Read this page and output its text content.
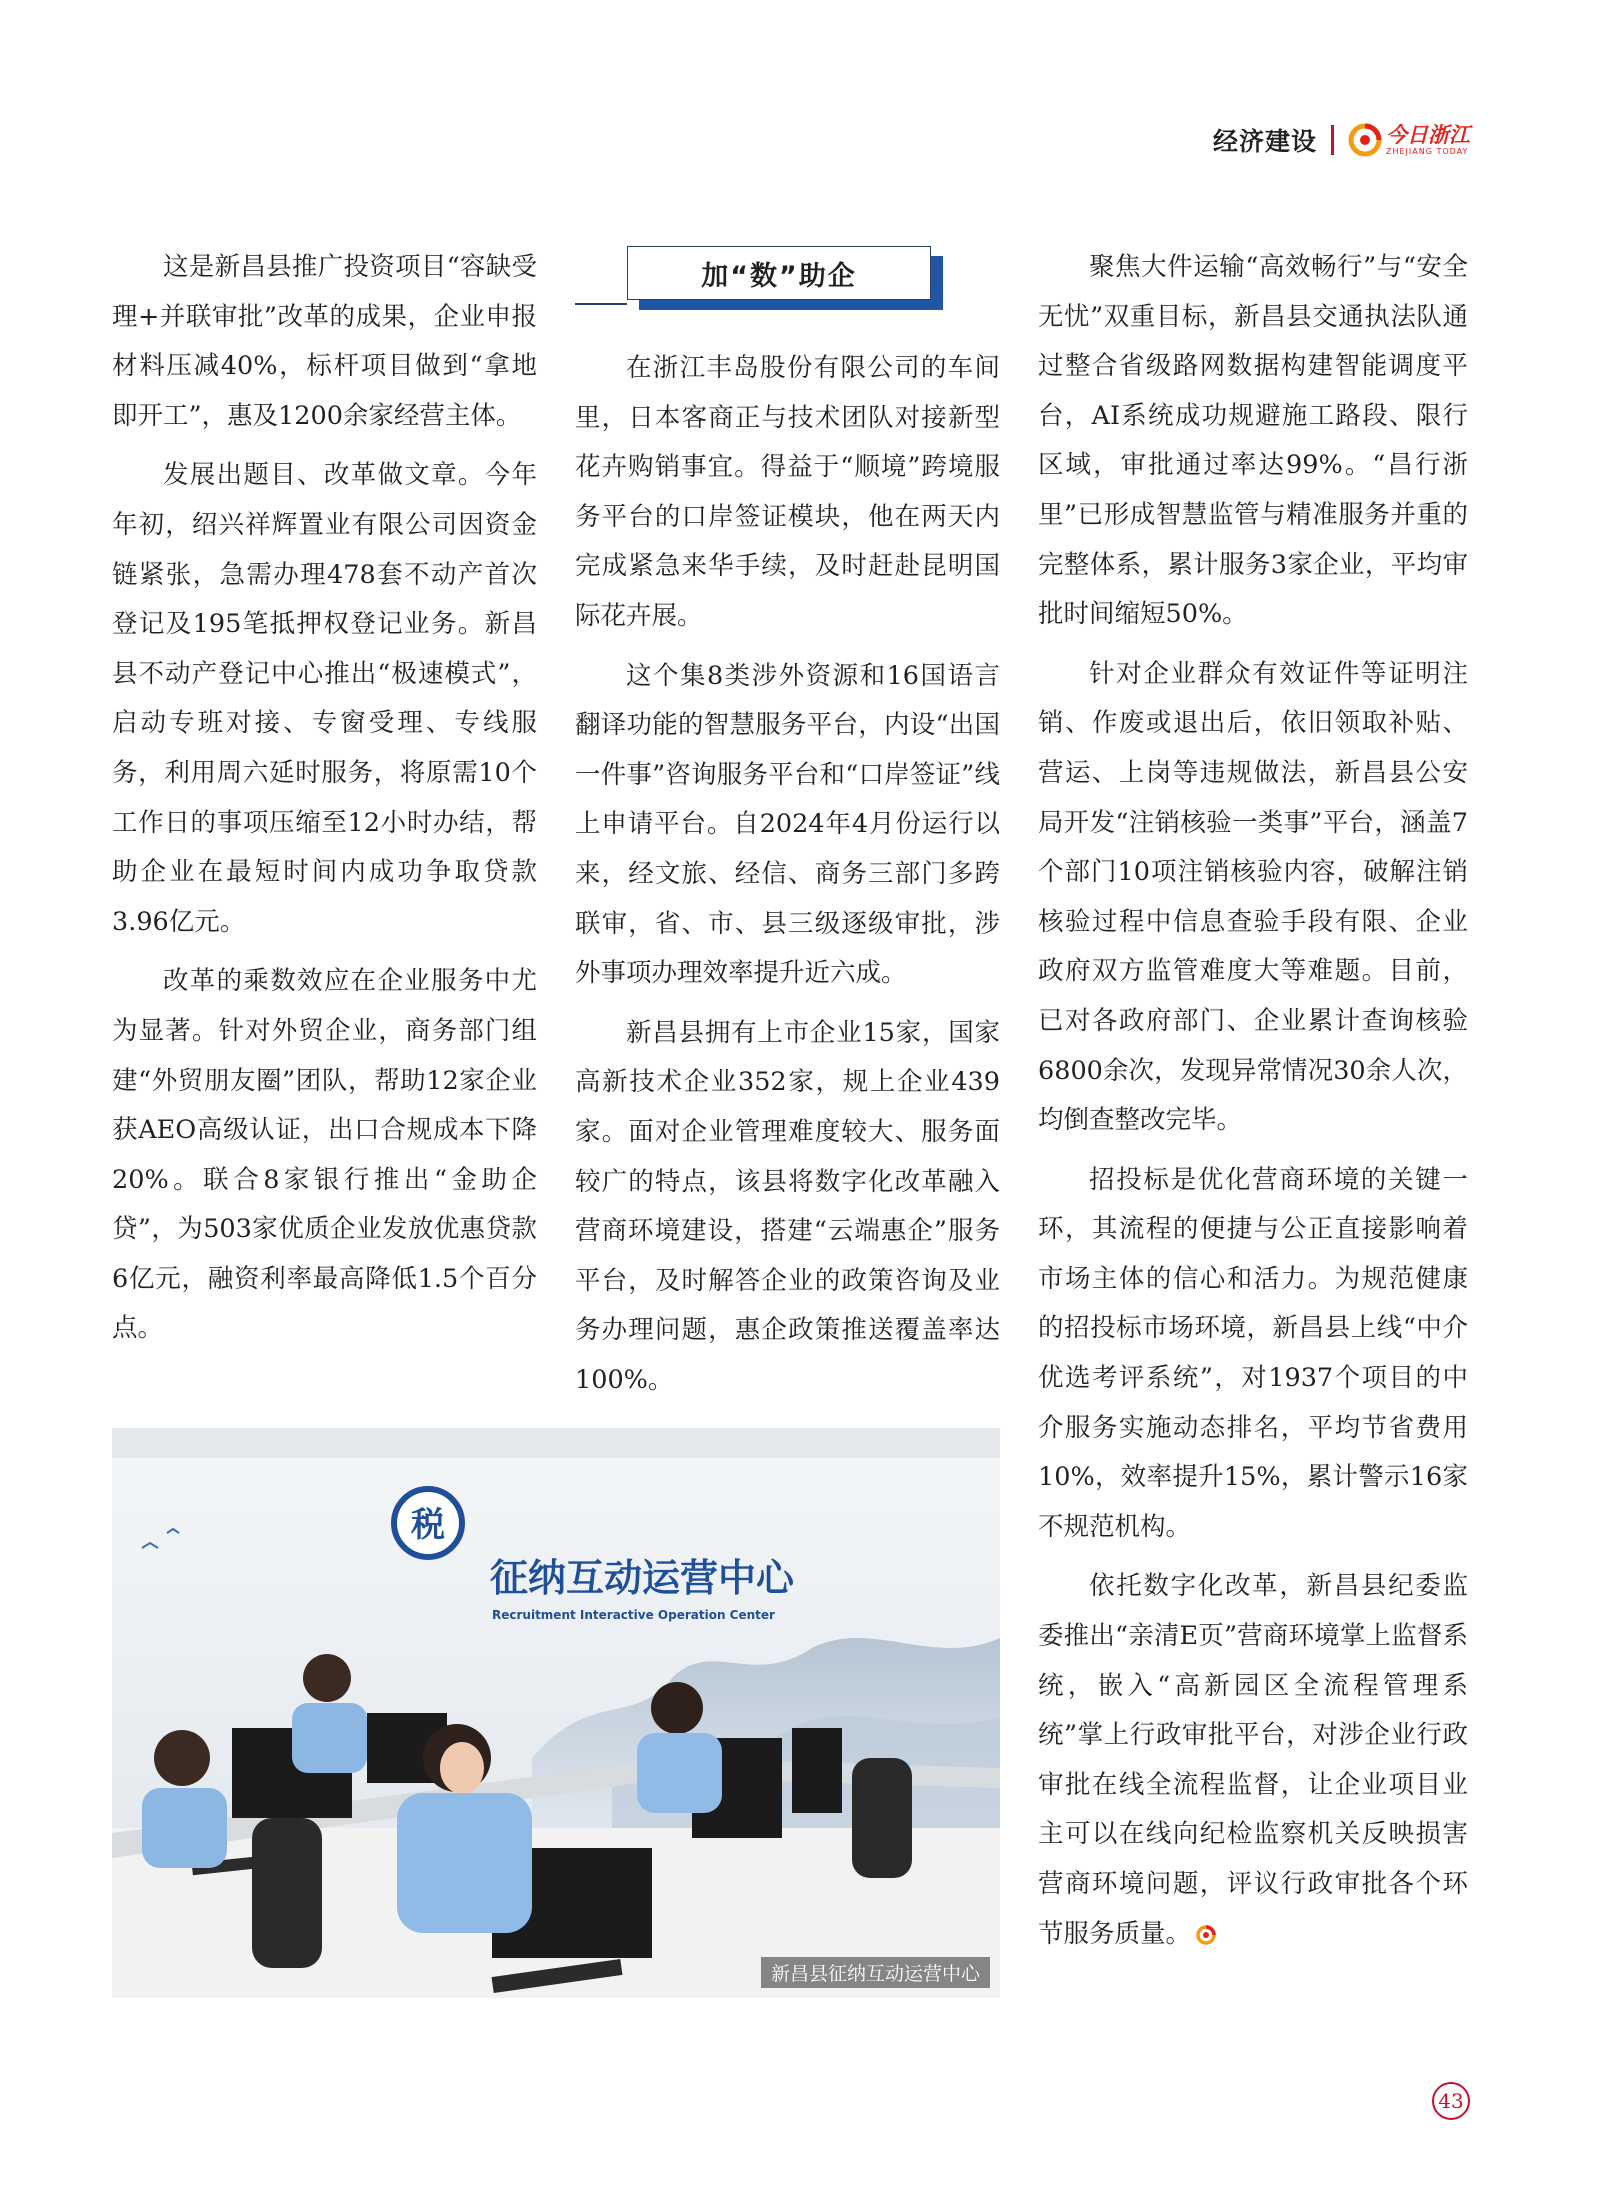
经济建设	今日浙江
ZHEJIANG TODAY

这是新昌县推广投资项目“容缺受理+并联审批”改革的成果，企业申报材料压减40%，标杆项目做到“拿地即开工”，惠及1200余家经营主体。

发展出题目、改革做文章。今年年初，绍兴祥辉置业有限公司因资金链紧张，急需办理478套不动产首次登记及195笔抵押权登记业务。新昌县不动产登记中心推出“极速模式”，启动专班对接、专窗受理、专线服务，利用周六延时服务，将原需10个工作日的事项压缩至12小时办结，帮助企业在最短时间内成功争取贷款3.96亿元。

改革的乘数效应在企业服务中尤为显著。针对外贸企业，商务部门组建“外贸朋友圈”团队，帮助12家企业获AEO高级认证，出口合规成本下降20%。联合8家银行推出“金助企贷”，为503家优质企业发放优惠贷款6亿元，融资利率最高降低1.5个百分点。

加“数”助企

在浙江丰岛股份有限公司的车间里，日本客商正与技术团队对接新型花卉购销事宜。得益于“顺境”跨境服务平台的口岸签证模块，他在两天内完成紧急来华手续，及时赶赴昆明国际花卉展。

这个集8类涉外资源和16国语言翻译功能的智慧服务平台，内设“出国一件事”咨询服务平台和“口岸签证”线上申请平台。自2024年4月份运行以来，经文旅、经信、商务三部门多跨联审，省、市、县三级逐级审批，涉外事项办理效率提升近六成。

新昌县拥有上市企业15家，国家高新技术企业352家，规上企业439家。面对企业管理难度较大、服务面较广的特点，该县将数字化改革融入营商环境建设，搭建“云端惠企”服务平台，及时解答企业的政策咨询及业务办理问题，惠企政策推送覆盖率达100%。

聚焦大件运输“高效畅行”与“安全无忧”双重目标，新昌县交通执法队通过整合省级路网数据构建智能调度平台，AI系统成功规避施工路段、限行区域，审批通过率达99%。“昌行浙里”已形成智慧监管与精准服务并重的完整体系，累计服务3家企业，平均审批时间缩短50%。

针对企业群众有效证件等证明注销、作废或退出后，依旧领取补贴、营运、上岗等违规做法，新昌县公安局开发“注销核验一类事”平台，涵盖7个部门10项注销核验内容，破解注销核验过程中信息查验手段有限、企业政府双方监管难度大等难题。目前，已对各政府部门、企业累计查询核验6800余次，发现异常情况30余人次，均倒查整改完毕。

招投标是优化营商环境的关键一环，其流程的便捷与公正直接影响着市场主体的信心和活力。为规范健康的招投标市场环境，新昌县上线“中介优选考评系统”，对1937个项目的中介服务实施动态排名，平均节省费用10%，效率提升15%，累计警示16家不规范机构。

依托数字化改革，新昌县纪委监委推出“亲清E页”营商环境掌上监督系统，嵌入“高新园区全流程管理系统”掌上行政审批平台，对涉企业行政审批在线全流程监督，让企业项目业主可以在线向纪检监察机关反映损害营商环境问题，评议行政审批各个环节服务质量。

税
征纳互动运营中心
Recruitment Interactive Operation Center
新昌县征纳互动运营中心
43
